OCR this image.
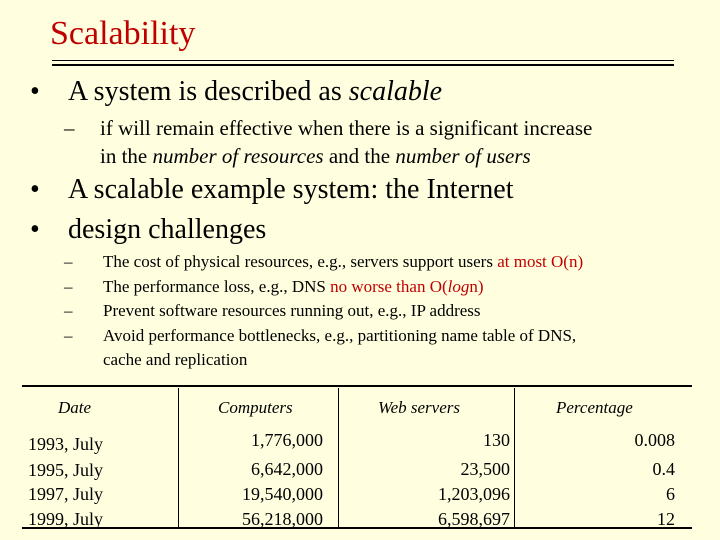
Scalability
• A system is described as scalable
– if will remain effective when there is a significant increase
in the number of resources and the number of users
• A scalable example system: the Internet
• design challenges
– The cost of physical resources, e.g., servers support users at most O(n)
– The performance loss, e.g., DNS no worse than O(logn)
– Prevent software resources running out, e.g., IP address
– Avoid performance bottlenecks, e.g., partitioning name table of DNS,
cache and replication
Date	Computers	Web servers	Percentage
1993, July	1,776,000	130	0.008
1995, July	6,642,000	23,500	0.4
1997, July	19,540,000	1,203,096	6
1999, July	56,218,000	6,598,697	12
